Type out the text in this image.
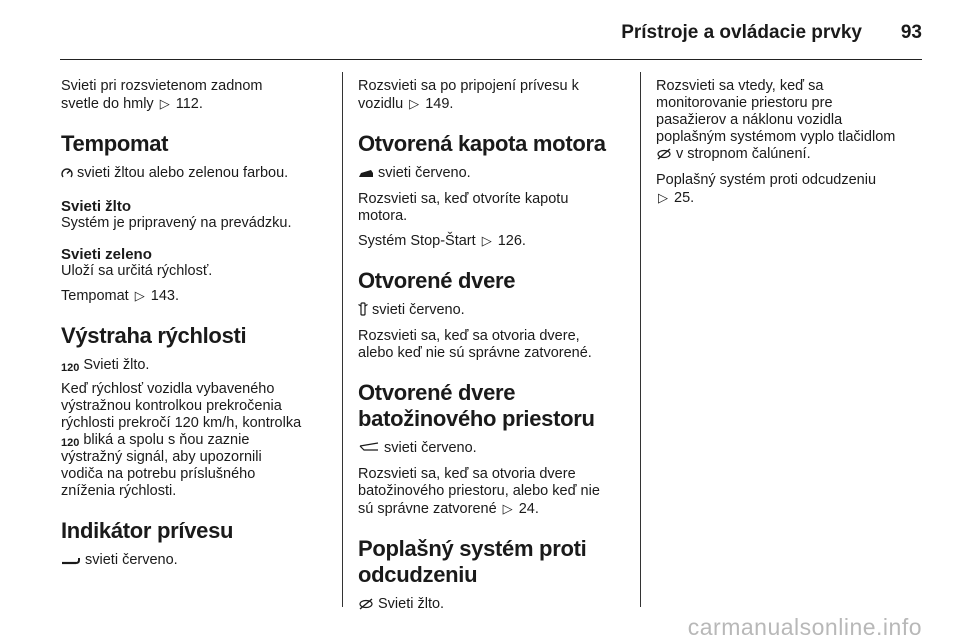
Prístroje a ovládacie prvky 93

Svieti pri rozsvietenom zadnom
svetle do hmly ▷ 112.

Tempomat

svieti žltou alebo zelenou farbou.

Svieti žlto

Systém je pripravený na prevádzku.

Svieti zeleno

Uloží sa určitá rýchlosť.

Tempomat ▷ 143.

Výstraha rýchlosti

120 Svieti žlto.

Keď rýchlosť vozidla vybaveného
výstražnou kontrolkou prekročenia
rýchlosti prekročí 120 km/h, kontrolka
120 bliká a spolu s ňou zaznie
výstražný signál, aby upozornili
vodiča na potrebu príslušného
zníženia rýchlosti.

Indikátor prívesu

svieti červeno.

Rozsvieti sa po pripojení prívesu k
vozidlu ▷ 149.

Otvorená kapota motora

svieti červeno.

Rozsvieti sa, keď otvoríte kapotu
motora.

Systém Stop-Štart ▷ 126.

Otvorené dvere

svieti červeno.

Rozsvieti sa, keď sa otvoria dvere,
alebo keď nie sú správne zatvorené.

Otvorené dvere
batožinového priestoru

svieti červeno.

Rozsvieti sa, keď sa otvoria dvere
batožinového priestoru, alebo keď nie
sú správne zatvorené ▷ 24.

Poplašný systém proti
odcudzeniu

Svieti žlto.

Rozsvieti sa vtedy, keď sa
monitorovanie priestoru pre
pasažierov a náklonu vozidla
poplašným systémom vyplo tlačidlom
v stropnom čalúnení.

Poplašný systém proti odcudzeniu
▷ 25.

carmanualsonline.info
